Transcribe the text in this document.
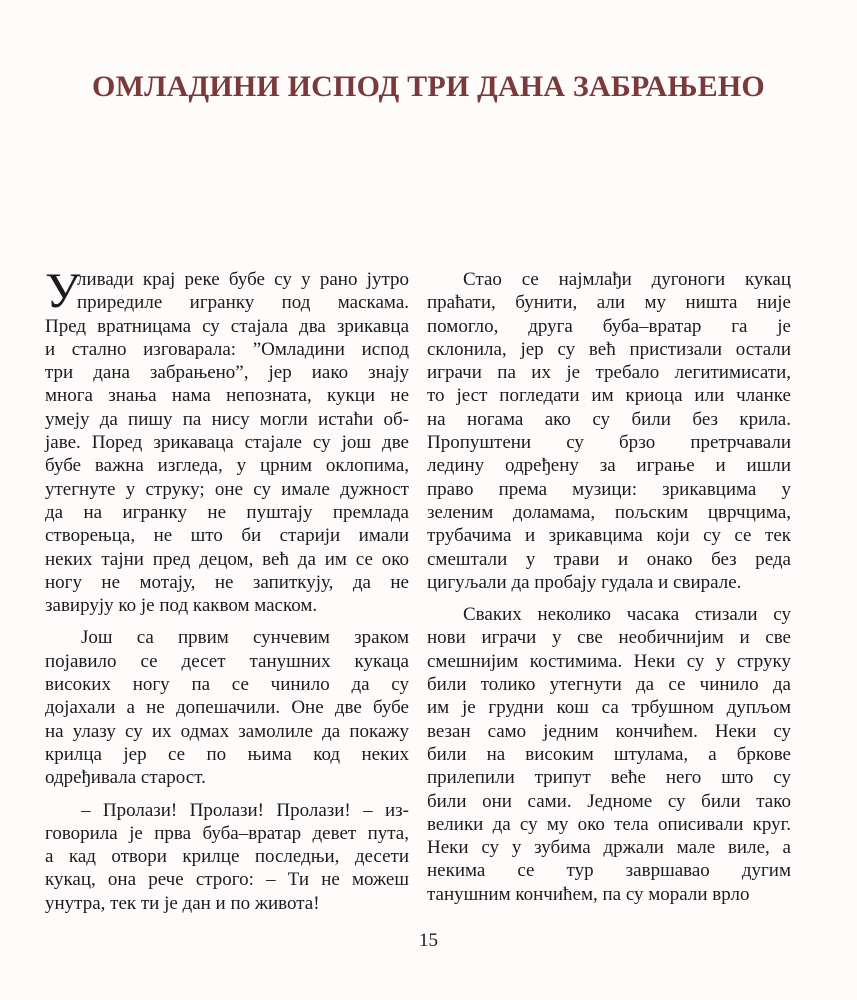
ОМЛАДИНИ ИСПОД ТРИ ДАНА ЗАБРАЊЕНО
У
ливади крај реке бубе су у рано јутро
приредиле игранку под маскама.
Пред вратницама су стајала два зрикавца
и стално изговарала: ”Омладини испод
три дана забрањено”, јер иако знају
многа знања нама непозната, кукци не
умеју да пишу па нису могли истаћи об-
јаве. Поред зрикаваца стајале су још две
бубе важна изгледа, у црним оклопима,
утегнуте у струку; оне су имале дужност
да на игранку не пуштају премлада
створењца, не што би старији имали
неких тајни пред децом, већ да им се око
ногу не мотају, не запиткују, да не
завирују ко је под каквом маском.
Још са првим сунчевим зраком
појавило се десет танушних кукаца
високих ногу па се чинило да су
дојахали а не допешачили. Оне две бубе
на улазу су их одмах замолиле да покажу
крилца јер се по њима код неких
одређивала старост.
– Пролази! Пролази! Пролази! – из-
говорила је прва буба–вратар девет пута,
а кад отвори крилце последњи, десети
кукац, она рече строго: – Ти не можеш
унутра, тек ти је дан и по живота!
Стао се најмлађи дугоноги кукац
праћати, бунити, али му ништа није
помогло, друга буба–вратар га је
склонила, јер су већ пристизали остали
играчи па их је требало легитимисати,
то јест погледати им криоца или чланке
на ногама ако су били без крила.
Пропуштени су брзо претрчавали
ледину одређену за играње и ишли
право према музици: зрикавцима у
зеленим доламама, пољским цврчцима,
трубачима и зрикавцима који су се тек
смештали у трави и онако без реда
цигуљали да пробају гудала и свирале.
Свакиx неколико часака стизали су
нови играчи у све необичнијим и све
смешнијим костимима. Неки су у струку
били толико утегнути да се чинило да
им је грудни кош са трбушном дупљом
везан само једним кончићем. Неки су
били на високим штулама, а бркове
прилепили трипут веће него што су
били они сами. Једноме су били тако
велики да су му око тела описивали круг.
Неки су у зубима држали мале виле, а
некима се тур завршавао дугим
танушним кончићем, па су морали врло
15
